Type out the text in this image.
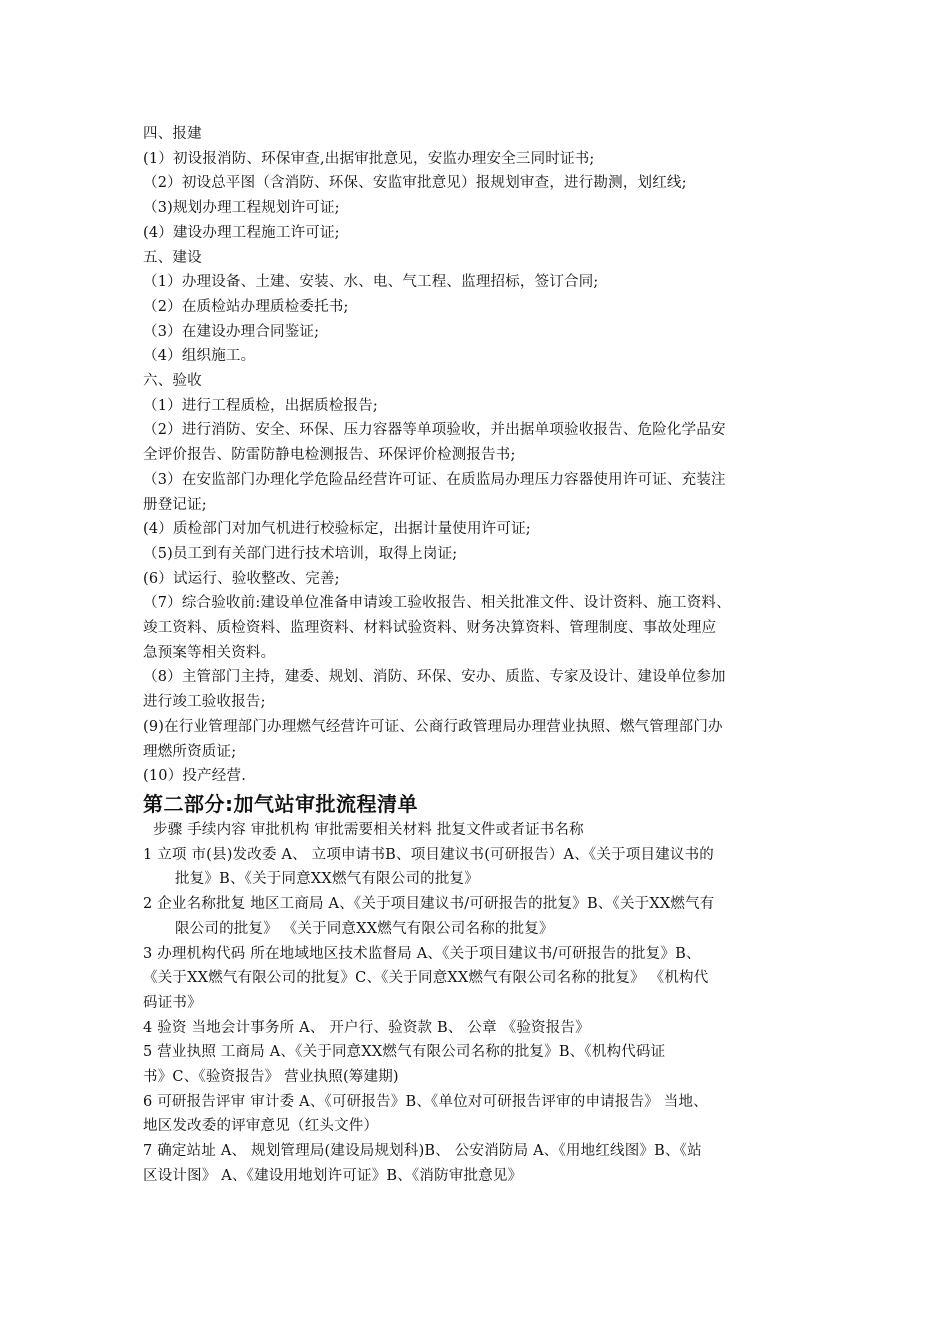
四、报建
(1）初设报消防、环保审查,出据审批意见，安监办理安全三同时证书;
（2）初设总平图（含消防、环保、安监审批意见）报规划审查，进行勘测，划红线;
（3)规划办理工程规划许可证;
(4）建设办理工程施工许可证;
五、建设
（1）办理设备、土建、安装、水、电、气工程、监理招标，签订合同;
（2）在质检站办理质检委托书;
（3）在建设办理合同鉴证;
（4）组织施工。
六、验收
（1）进行工程质检，出据质检报告;
（2）进行消防、安全、环保、压力容器等单项验收，并出据单项验收报告、危险化学品安
全评价报告、防雷防静电检测报告、环保评价检测报告书;
（3）在安监部门办理化学危险品经营许可证、在质监局办理压力容器使用许可证、充装注
册登记证;
(4）质检部门对加气机进行校验标定，出据计量使用许可证;
（5)员工到有关部门进行技术培训，取得上岗证;
(6）试运行、验收整改、完善;
（7）综合验收前:建设单位准备申请竣工验收报告、相关批准文件、设计资料、施工资料、
竣工资料、质检资料、监理资料、材料试验资料、财务决算资料、管理制度、事故处理应
急预案等相关资料。
（8）主管部门主持，建委、规划、消防、环保、安办、质监、专家及设计、建设单位参加
进行竣工验收报告;
(9)在行业管理部门办理燃气经营许可证、公商行政管理局办理营业执照、燃气管理部门办
理燃所资质证;
(10）投产经营.
第二部分:加气站审批流程清单
步骤 手续内容 审批机构 审批需要相关材料 批复文件或者证书名称
1 立项 市(县)发改委 A、 立项申请书B、项目建议书(可研报告）A、《关于项目建议书的
批复》B、《关于同意XX燃气有限公司的批复》
2 企业名称批复 地区工商局 A、《关于项目建议书/可研报告的批复》B、《关于XX燃气有
限公司的批复》 《关于同意XX燃气有限公司名称的批复》
3 办理机构代码 所在地域地区技术监督局 A、《关于项目建议书/可研报告的批复》B、
《关于XX燃气有限公司的批复》C、《关于同意XX燃气有限公司名称的批复》 《机构代
码证书》
4 验资 当地会计事务所 A、 开户行、验资款 B、 公章 《验资报告》
5 营业执照 工商局 A、《关于同意XX燃气有限公司名称的批复》B、《机构代码证
书》C、《验资报告》 营业执照(筹建期)
6 可研报告评审 审计委 A、《可研报告》B、《单位对可研报告评审的申请报告》 当地、
地区发改委的评审意见（红头文件）
7 确定站址 A、 规划管理局(建设局规划科)B、 公安消防局 A、《用地红线图》B、《站
区设计图》 A、《建设用地划许可证》B、《消防审批意见》
